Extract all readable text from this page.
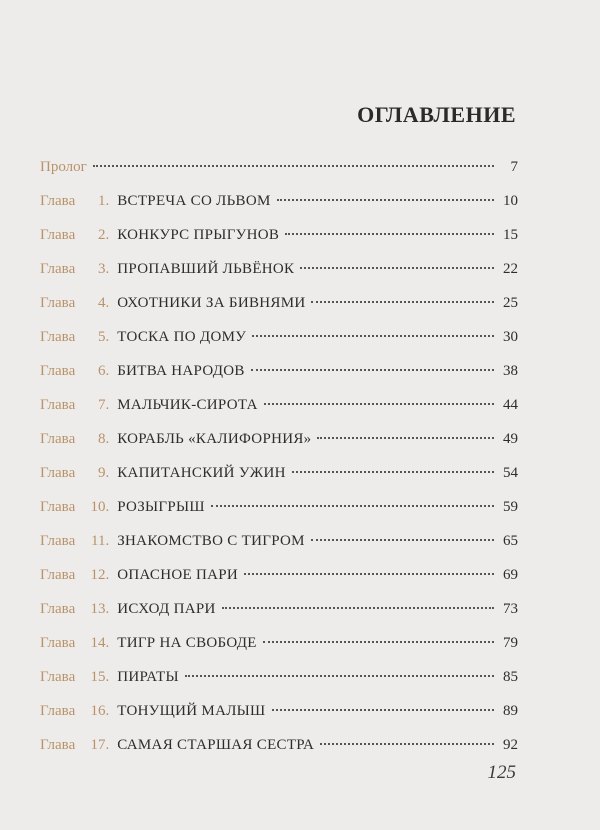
ОГЛАВЛЕНИЕ
Пролог	7
Глава 1. ВСТРЕЧА СО ЛЬВОМ	10
Глава 2. КОНКУРС ПРЫГУНОВ	15
Глава 3. ПРОПАВШИЙ ЛЬВЁНОК	22
Глава 4. ОХОТНИКИ ЗА БИВНЯМИ	25
Глава 5. ТОСКА ПО ДОМУ	30
Глава 6. БИТВА НАРОДОВ	38
Глава 7. МАЛЬЧИК-СИРОТА	44
Глава 8. КОРАБЛЬ «КАЛИФОРНИЯ»	49
Глава 9. КАПИТАНСКИЙ УЖИН	54
Глава 10. РОЗЫГРЫШ	59
Глава 11. ЗНАКОМСТВО С ТИГРОМ	65
Глава 12. ОПАСНОЕ ПАРИ	69
Глава 13. ИСХОД ПАРИ	73
Глава 14. ТИГР НА СВОБОДЕ	79
Глава 15. ПИРАТЫ	85
Глава 16. ТОНУЩИЙ МАЛЫШ	89
Глава 17. САМАЯ СТАРШАЯ СЕСТРА	92
125
